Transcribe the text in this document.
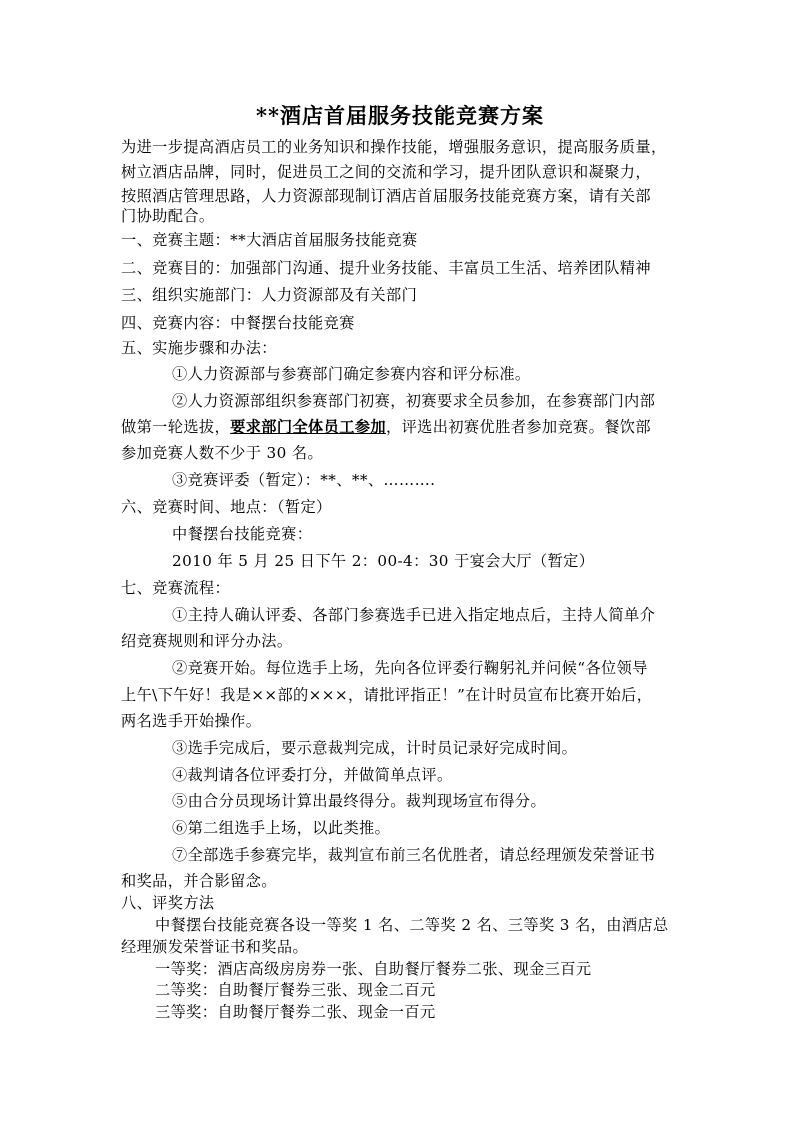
**酒店首届服务技能竞赛方案
为进一步提高酒店员工的业务知识和操作技能，增强服务意识，提高服务质量，
树立酒店品牌，同时，促进员工之间的交流和学习，提升团队意识和凝聚力，
按照酒店管理思路，人力资源部现制订酒店首届服务技能竞赛方案，请有关部
门协助配合。
一、竞赛主题：**大酒店首届服务技能竞赛
二、竞赛目的：加强部门沟通、提升业务技能、丰富员工生活、培养团队精神
三、组织实施部门：人力资源部及有关部门
四、竞赛内容：中餐摆台技能竞赛
五、实施步骤和办法：
①人力资源部与参赛部门确定参赛内容和评分标准。
②人力资源部组织参赛部门初赛，初赛要求全员参加，在参赛部门内部
做第一轮选拔，要求部门全体员工参加，评选出初赛优胜者参加竞赛。餐饮部
参加竞赛人数不少于 30 名。
③竞赛评委（暂定）：**、**、……….
六、竞赛时间、地点：（暂定）
中餐摆台技能竞赛：
2010 年 5 月 25 日下午 2：00-4：30 于宴会大厅（暂定）
七、竞赛流程：
①主持人确认评委、各部门参赛选手已进入指定地点后，主持人简单介
绍竞赛规则和评分办法。
②竞赛开始。每位选手上场，先向各位评委行鞠躬礼并问候“各位领导
上午\下午好！我是××部的×××，请批评指正！”在计时员宣布比赛开始后，
两名选手开始操作。
③选手完成后，要示意裁判完成，计时员记录好完成时间。
④裁判请各位评委打分，并做简单点评。
⑤由合分员现场计算出最终得分。裁判现场宣布得分。
⑥第二组选手上场，以此类推。
⑦全部选手参赛完毕，裁判宣布前三名优胜者，请总经理颁发荣誉证书
和奖品，并合影留念。
八、评奖方法
中餐摆台技能竞赛各设一等奖 1 名、二等奖 2 名、三等奖 3 名，由酒店总
经理颁发荣誉证书和奖品。
一等奖：酒店高级房房券一张、自助餐厅餐券二张、现金三百元
二等奖：自助餐厅餐券三张、现金二百元
三等奖：自助餐厅餐券二张、现金一百元
